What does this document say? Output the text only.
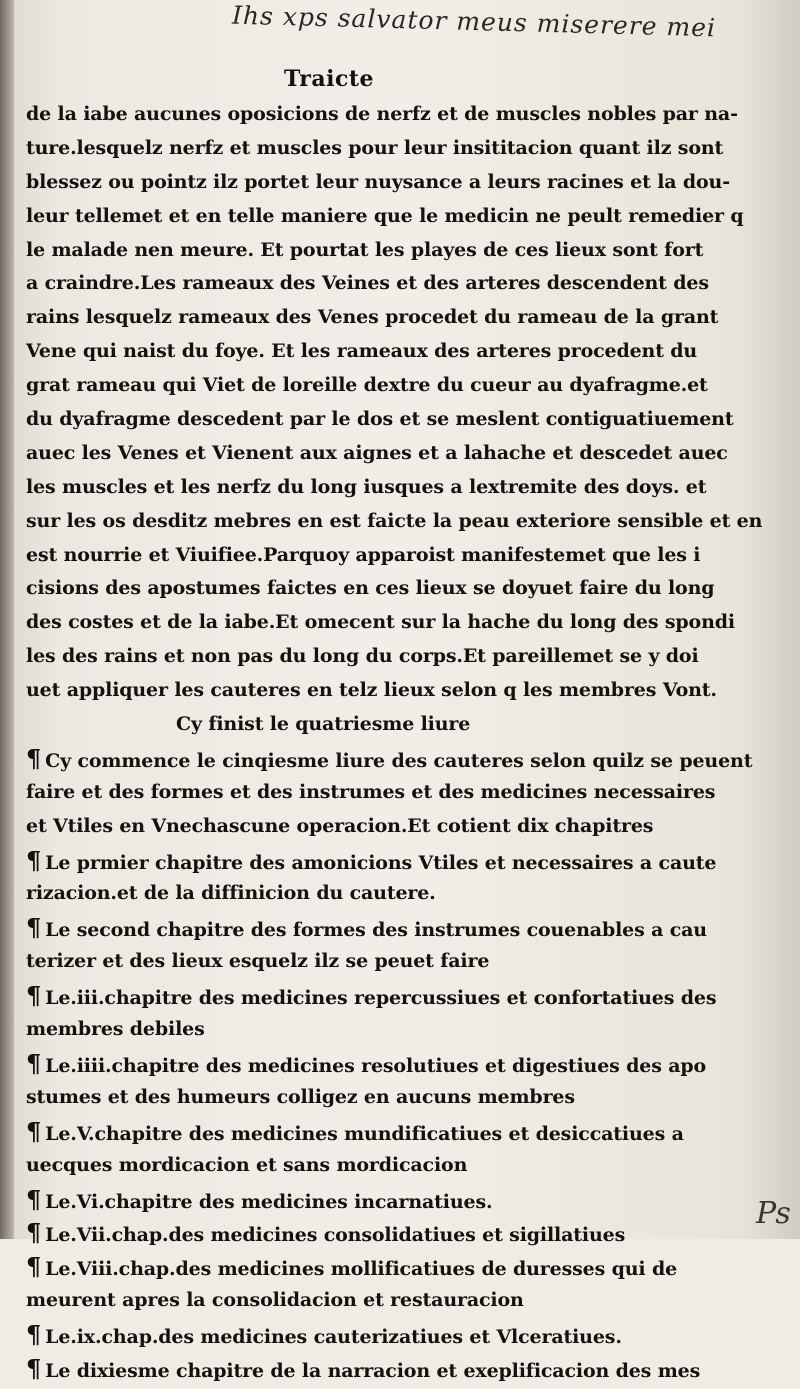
Ihs xps salvator meus miserere mei
Traicte
de la iabe aucunes oposicions de nerfz et de muscles nobles par na-
ture.lesquelz nerfz et muscles pour leur insititacion quant ilz sont
blessez ou pointz ilz portet leur nuysance a leurs racines et la dou-
leur tellemet et en telle maniere que le medicin ne peult remedier q
le malade nen meure. Et pourtat les playes de ces lieux sont fort
a craindre.Les rameaux des Veines et des arteres descendent des
rains lesquelz rameaux des Venes procedet du rameau de la grant
Vene qui naist du foye. Et les rameaux des arteres procedent du
grat rameau qui Viet de loreille dextre du cueur au dyafragme.et
du dyafragme descedent par le dos et se meslent contiguatiuement
auec les Venes et Vienent aux aignes et a lahache et descedet auec
les muscles et les nerfz du long iusques a lextremite des doys. et
sur les os desditz mebres en est faicte la peau exteriore sensible et en
est nourrie et Viuifiee.Parquoy apparoist manifestemet que les i
cisions des apostumes faictes en ces lieux se doyuet faire du long
des costes et de la iabe.Et omecent sur la hache du long des spondi
les des rains et non pas du long du corps.Et pareillemet se y doi
uet appliquer les cauteres en telz lieux selon q les membres Vont.
Cy finist le quatriesme liure
¶ Cy commence le cinqiesme liure des cauteres selon quilz se peuent
faire et des formes et des instrumes et des medicines necessaires
et Vtiles en Vnechascune operacion.Et cotient dix chapitres
¶ Le prmier chapitre des amonicions Vtiles et necessaires a caute
rizacion.et de la diffinicion du cautere.
¶ Le second chapitre des formes des instrumes couenables a cau
terizer et des lieux esquelz ilz se peuet faire
¶ Le.iii.chapitre des medicines repercussiues et confortatiues des
membres debiles
¶ Le.iiii.chapitre des medicines resolutiues et digestiues des apo
stumes et des humeurs colligez en aucuns membres
¶ Le.V.chapitre des medicines mundificatiues et desiccatiues a
uecques mordicacion et sans mordicacion
¶ Le.Vi.chapitre des medicines incarnatiues.
¶ Le.Vii.chap.des medicines consolidatiues et sigillatiues
¶ Le.Viii.chap.des medicines mollificatiues de duresses qui de
meurent apres la consolidacion et restauracion
¶ Le.ix.chap.des medicines cauterizatiues et Vlceratiues.
¶ Le dixiesme chapitre de la narracion et exeplificacion des mes
Ps
